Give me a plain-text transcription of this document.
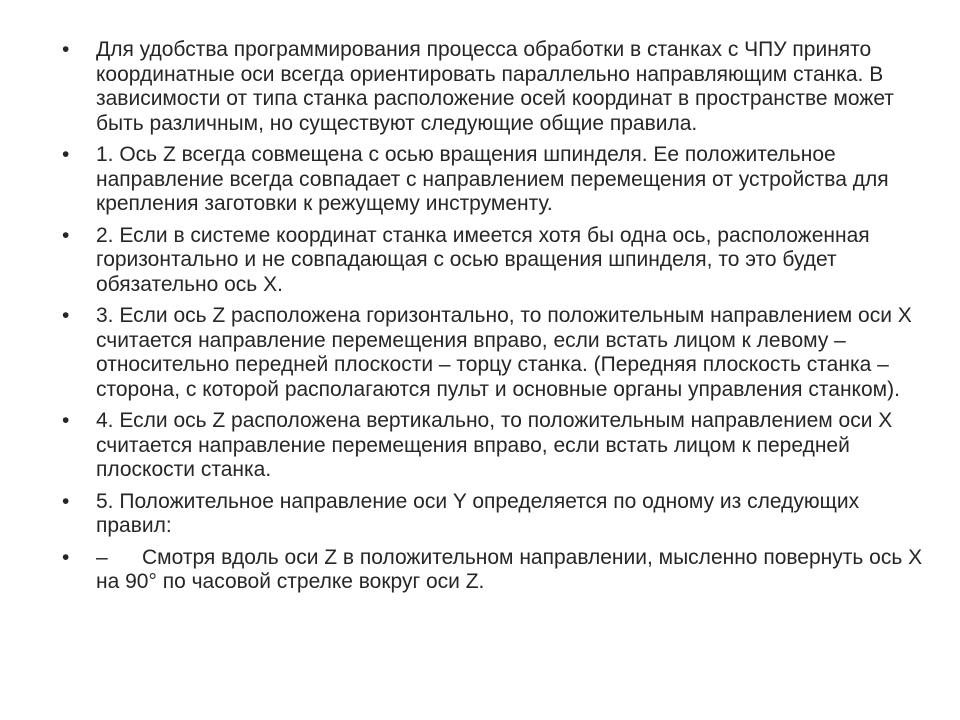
•	Для удобства программирования процесса обработки в станках с ЧПУ принято координатные оси всегда ориентировать параллельно направляющим станка. В зависимости от типа станка расположение осей координат в пространстве может быть различным, но существуют следующие общие правила.
•	1. Ось Z всегда совмещена с осью вращения шпинделя. Ее положительное направление всегда совпадает с направлением перемещения от устройства для крепления заготовки к режущему инструменту.
•	2. Если в системе координат станка имеется хотя бы одна ось, расположенная горизонтально и не совпадающая с осью вращения шпинделя, то это будет обязательно ось X.
•	3. Если ось Z расположена горизонтально, то положительным направлением оси X считается направление перемещения вправо, если встать лицом к левому – относительно передней плоскости – торцу станка. (Передняя плоскость станка – сторона, с которой располагаются пульт и основные органы управления станком).
•	4. Если ось Z расположена вертикально, то положительным направлением оси X считается направление перемещения вправо, если встать лицом к передней плоскости станка.
•	5. Положительное направление оси Y определяется по одному из следующих правил:
•	– Смотря вдоль оси Z в положительном направлении, мысленно повернуть ось X на 90° по часовой стрелке вокруг оси Z.
